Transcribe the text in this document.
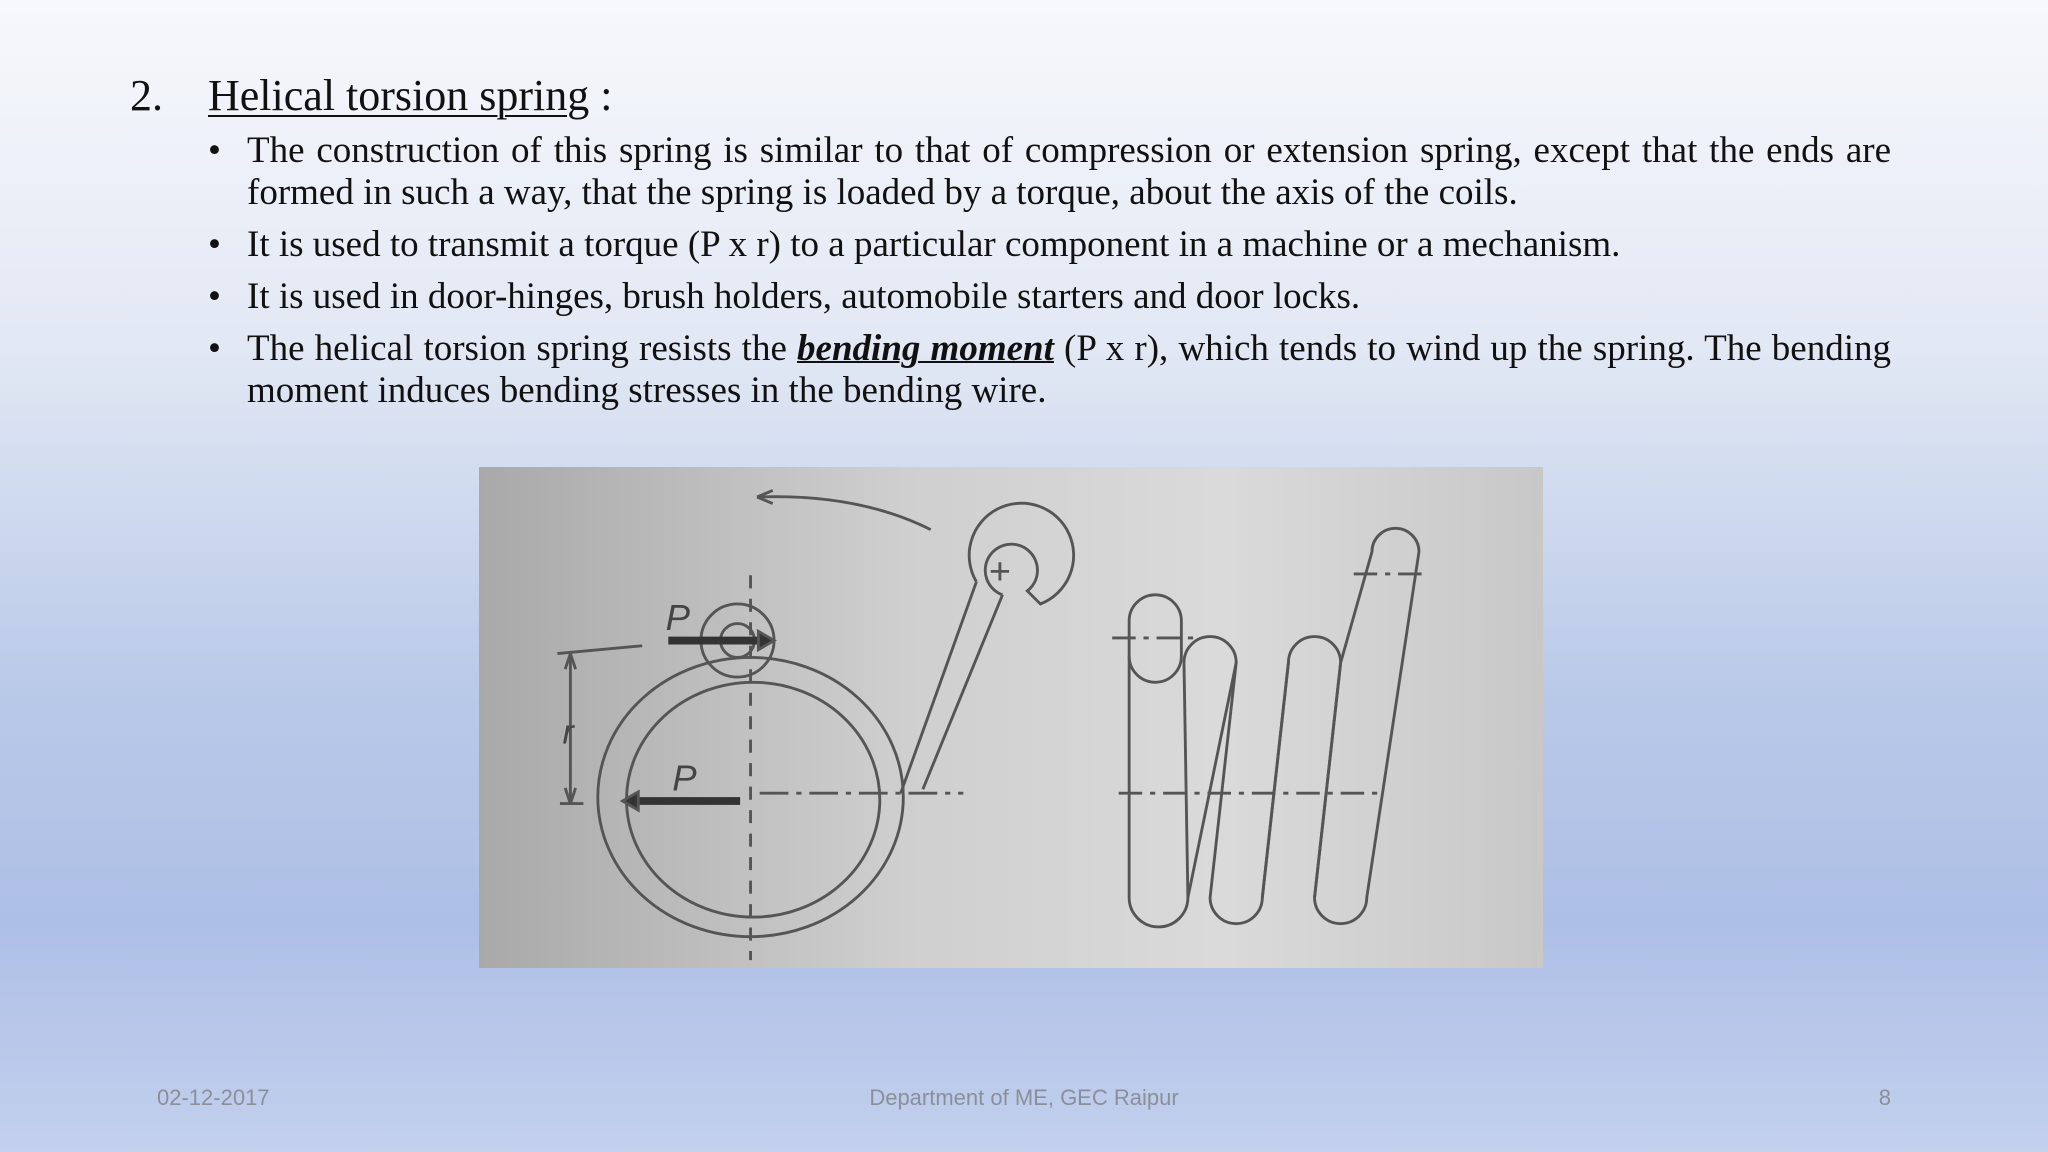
2. Helical torsion spring :
• The construction of this spring is similar to that of compression or extension spring, except that the ends are formed in such a way, that the spring is loaded by a torque, about the axis of the coils.
• It is used to transmit a torque (P x r) to a particular component in a machine or a mechanism.
• It is used in door-hinges, brush holders, automobile starters and door locks.
• The helical torsion spring resists the bending moment (P x r), which tends to wind up the spring. The bending moment induces bending stresses in the bending wire.
P
P
r
02-12-2017	Department of ME, GEC Raipur	8
